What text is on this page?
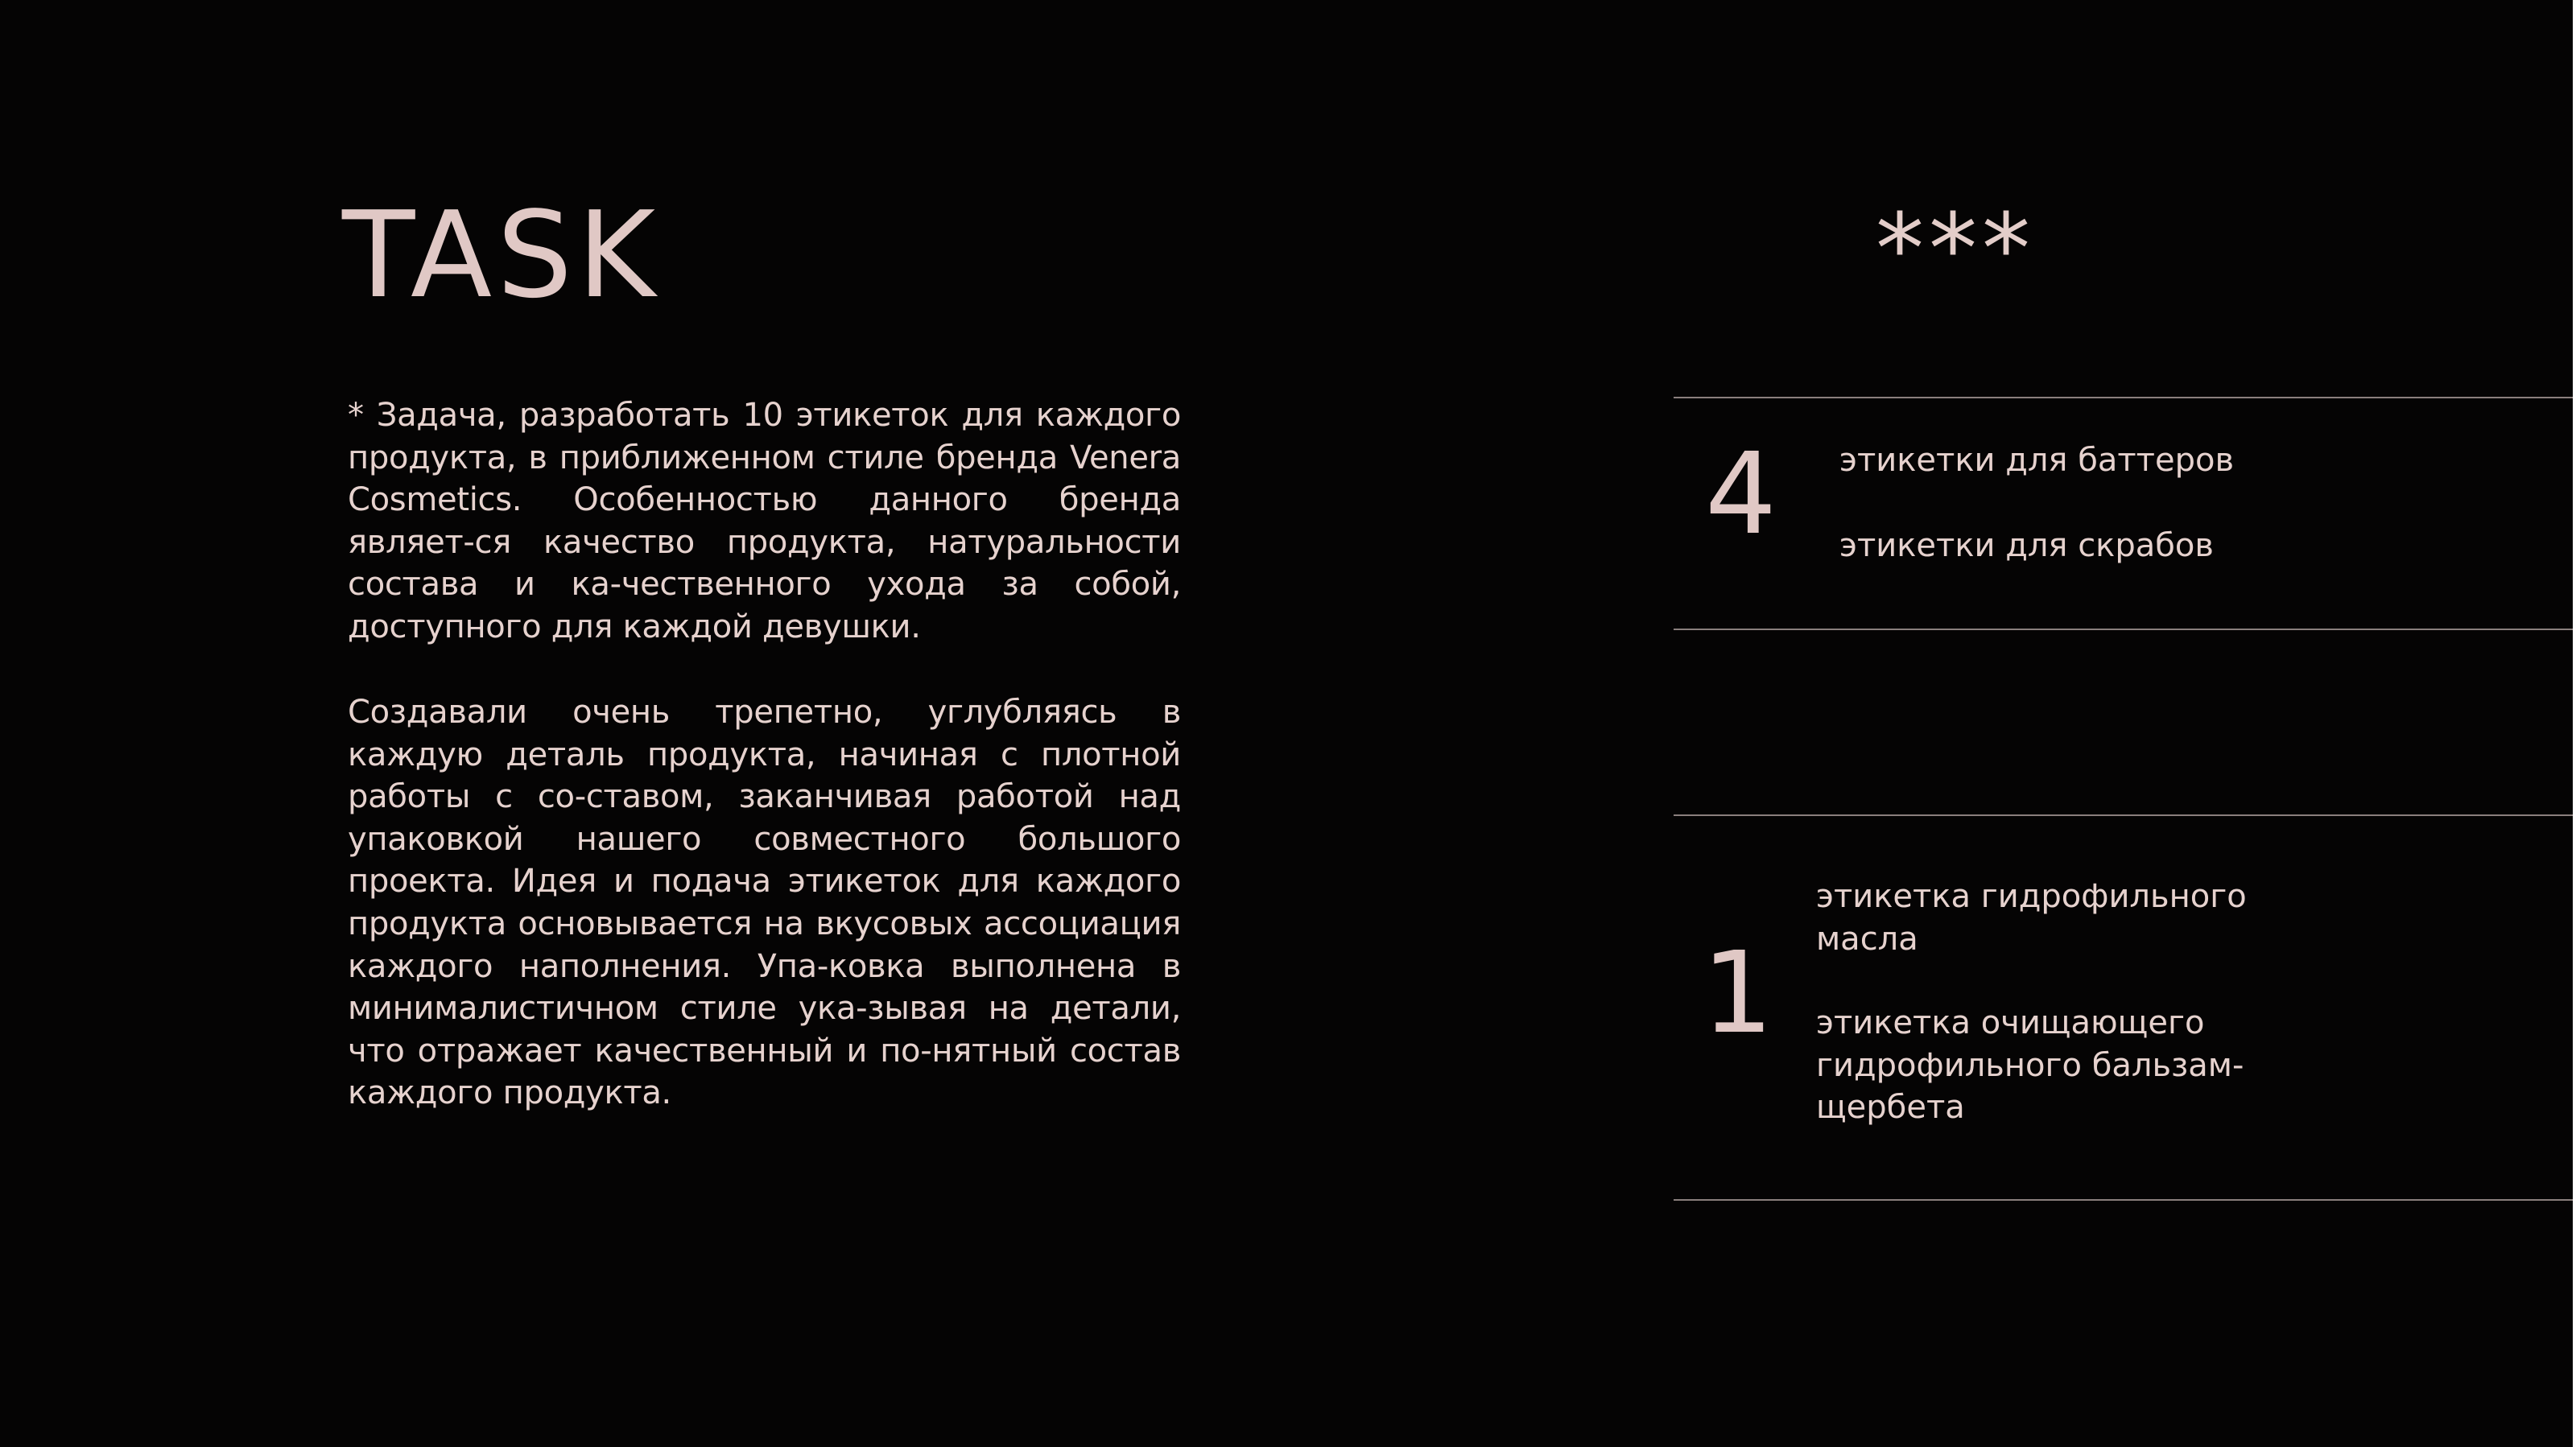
TASK

* Задача, разработать 10 этикеток для каждого продукта, в приближенном стиле бренда Venera Cosmetics. Особенностью данного бренда являет-ся качество продукта, натуральности состава и ка-чественного ухода за собой, доступного для каждой девушки.

Создавали очень трепетно, углубляясь в каждую деталь продукта, начиная с плотной работы с со-ставом, заканчивая работой над упаковкой нашего совместного большого проекта. Идея и подача этикеток для каждого продукта основывается на вкусовых ассоциация каждого наполнения. Упа-ковка выполнена в минималистичном стиле ука-зывая на детали, что отражает качественный и по-нятный состав каждого продукта.

***
4 этикетки для баттеров

этикетки для скрабов

1

этикетка гидрофильного масла

этикетка очищающего гидрофильного бальзам-щербета
